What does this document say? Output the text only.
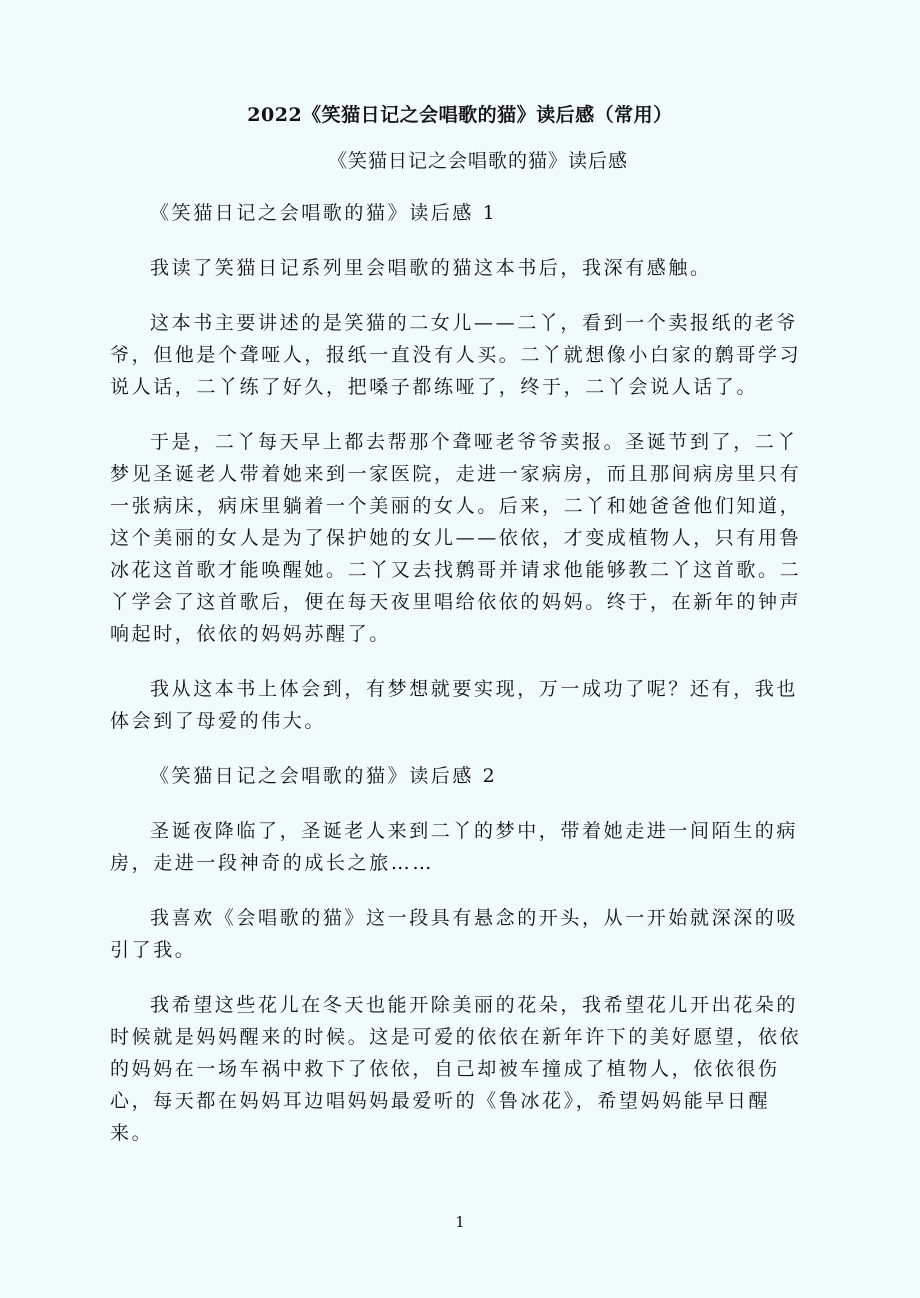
2022《笑猫日记之会唱歌的猫》读后感（常用）
《笑猫日记之会唱歌的猫》读后感

《笑猫日记之会唱歌的猫》读后感 1

我读了笑猫日记系列里会唱歌的猫这本书后，我深有感触。

这本书主要讲述的是笑猫的二女儿——二丫，看到一个卖报纸的老爷爷，但他是个聋哑人，报纸一直没有人买。二丫就想像小白家的鹩哥学习说人话，二丫练了好久，把嗓子都练哑了，终于，二丫会说人话了。

于是，二丫每天早上都去帮那个聋哑老爷爷卖报。圣诞节到了，二丫梦见圣诞老人带着她来到一家医院，走进一家病房，而且那间病房里只有一张病床，病床里躺着一个美丽的女人。后来，二丫和她爸爸他们知道，这个美丽的女人是为了保护她的女儿——依依，才变成植物人，只有用鲁冰花这首歌才能唤醒她。二丫又去找鹩哥并请求他能够教二丫这首歌。二丫学会了这首歌后，便在每天夜里唱给依依的妈妈。终于，在新年的钟声响起时，依依的妈妈苏醒了。

我从这本书上体会到，有梦想就要实现，万一成功了呢？还有，我也体会到了母爱的伟大。

《笑猫日记之会唱歌的猫》读后感 2

圣诞夜降临了，圣诞老人来到二丫的梦中，带着她走进一间陌生的病房，走进一段神奇的成长之旅……

我喜欢《会唱歌的猫》这一段具有悬念的开头，从一开始就深深的吸引了我。

我希望这些花儿在冬天也能开除美丽的花朵，我希望花儿开出花朵的时候就是妈妈醒来的时候。这是可爱的依依在新年许下的美好愿望，依依的妈妈在一场车祸中救下了依依，自己却被车撞成了植物人，依依很伤心，每天都在妈妈耳边唱妈妈最爱听的《鲁冰花》，希望妈妈能早日醒来。

1
